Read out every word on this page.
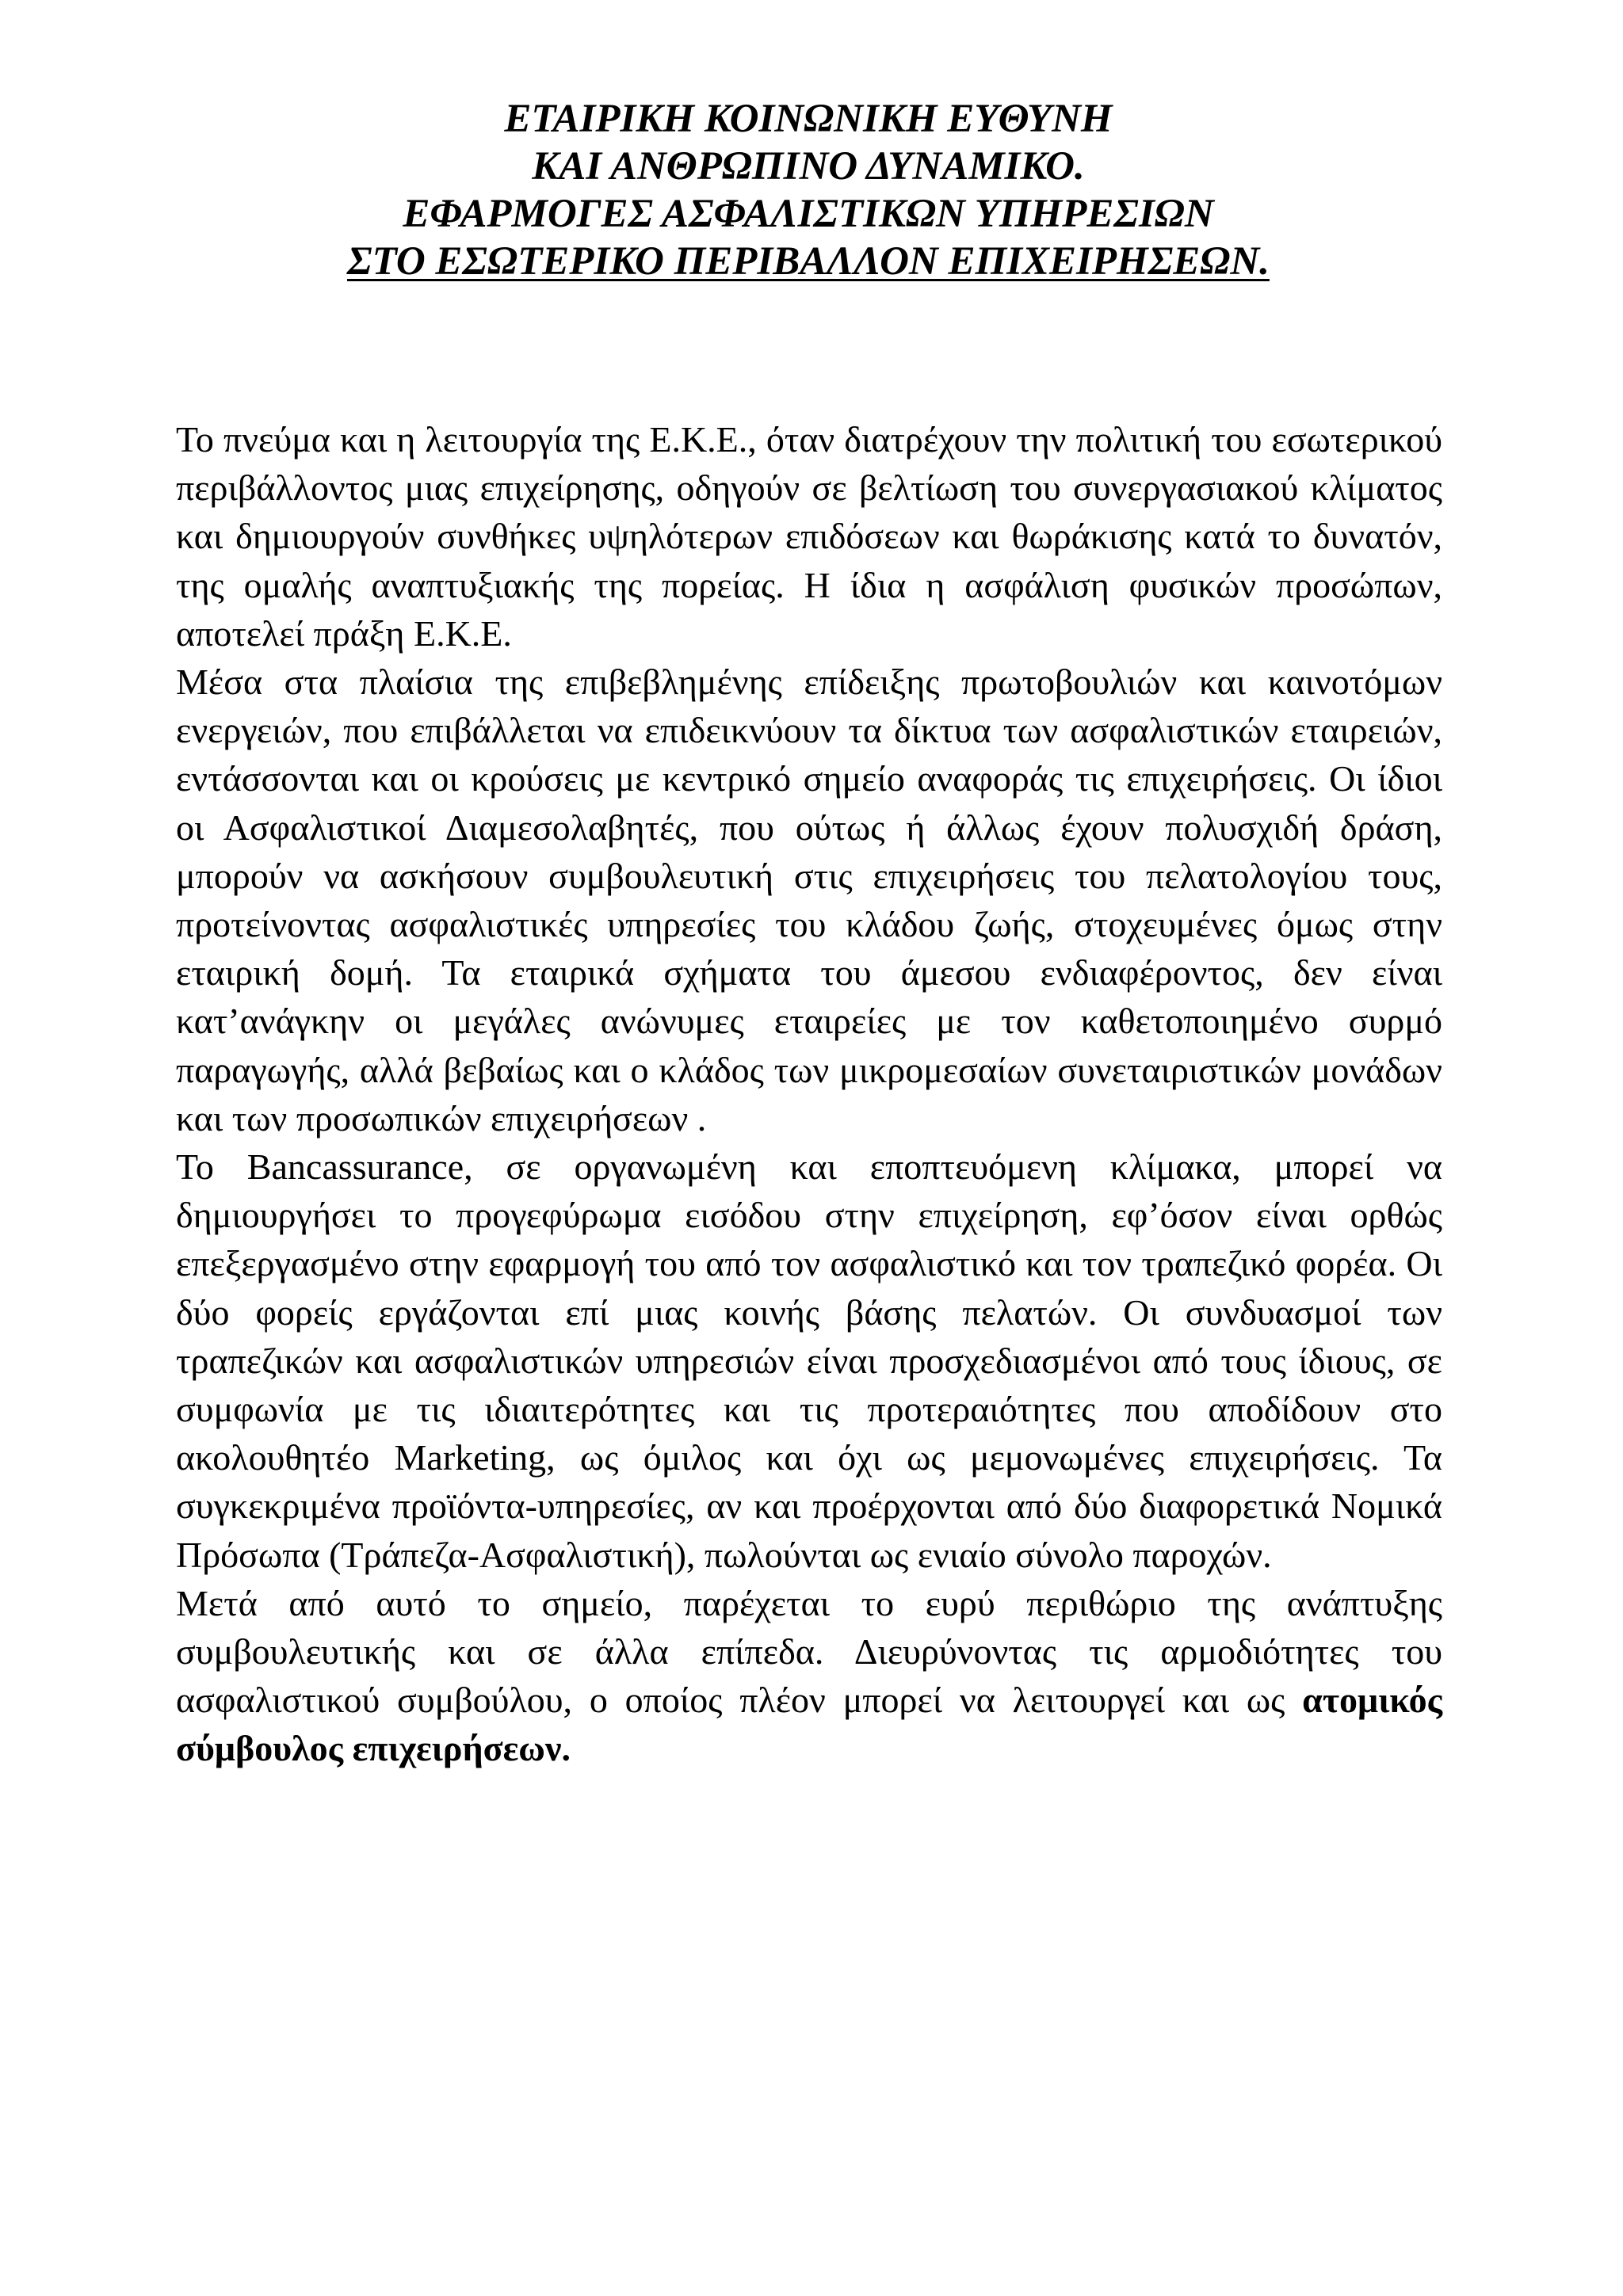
ΕΤΑΙΡΙΚΗ ΚΟΙΝΩΝΙΚΗ ΕΥΘΥΝΗ
ΚΑΙ ΑΝΘΡΩΠΙΝΟ ΔΥΝΑΜΙΚΟ.
ΕΦΑΡΜΟΓΕΣ ΑΣΦΑΛΙΣΤΙΚΩΝ ΥΠΗΡΕΣΙΩΝ
ΣΤΟ ΕΣΩΤΕΡΙΚΟ ΠΕΡΙΒΑΛΛΟΝ ΕΠΙΧΕΙΡΗΣΕΩΝ.

Το πνεύμα και η λειτουργία της Ε.Κ.Ε., όταν διατρέχουν την πολιτική του εσωτερικού περιβάλλοντος μιας επιχείρησης, οδηγούν σε βελτίωση του συνεργασιακού κλίματος και δημιουργούν συνθήκες υψηλότερων επιδόσεων και θωράκισης κατά το δυνατόν, της ομαλής αναπτυξιακής της πορείας. Η ίδια η ασφάλιση φυσικών προσώπων, αποτελεί πράξη Ε.Κ.Ε.

Μέσα στα πλαίσια της επιβεβλημένης επίδειξης πρωτοβουλιών και καινοτόμων ενεργειών, που επιβάλλεται να επιδεικνύουν τα δίκτυα των ασφαλιστικών εταιρειών, εντάσσονται και οι κρούσεις με κεντρικό σημείο αναφοράς τις επιχειρήσεις. Οι ίδιοι οι Ασφαλιστικοί Διαμεσολαβητές, που ούτως ή άλλως έχουν πολυσχιδή δράση, μπορούν να ασκήσουν συμβουλευτική στις επιχειρήσεις του πελατολογίου τους, προτείνοντας ασφαλιστικές υπηρεσίες του κλάδου ζωής, στοχευμένες όμως στην εταιρική δομή. Τα εταιρικά σχήματα του άμεσου ενδιαφέροντος, δεν είναι κατ’ανάγκην οι μεγάλες ανώνυμες εταιρείες με τον καθετοποιημένο συρμό παραγωγής, αλλά βεβαίως και ο κλάδος των μικρομεσαίων συνεταιριστικών μονάδων και των προσωπικών επιχειρήσεων .

Το Bancassurance, σε οργανωμένη και εποπτευόμενη κλίμακα, μπορεί να δημιουργήσει το προγεφύρωμα εισόδου στην επιχείρηση, εφ’όσον είναι ορθώς επεξεργασμένο στην εφαρμογή του από τον ασφαλιστικό και τον τραπεζικό φορέα. Οι δύο φορείς εργάζονται επί μιας κοινής βάσης πελατών. Οι συνδυασμοί των τραπεζικών και ασφαλιστικών υπηρεσιών είναι προσχεδιασμένοι από τους ίδιους, σε συμφωνία με τις ιδιαιτερότητες και τις προτεραιότητες που αποδίδουν στο ακολουθητέο Marketing, ως όμιλος και όχι ως μεμονωμένες επιχειρήσεις. Τα συγκεκριμένα προϊόντα-υπηρεσίες, αν και προέρχονται από δύο διαφορετικά Νομικά Πρόσωπα (Τράπεζα-Ασφαλιστική), πωλούνται ως ενιαίο σύνολο παροχών.

Μετά από αυτό το σημείο, παρέχεται το ευρύ περιθώριο της ανάπτυξης συμβουλευτικής και σε άλλα επίπεδα. Διευρύνοντας τις αρμοδιότητες του ασφαλιστικού συμβούλου, ο οποίος πλέον μπορεί να λειτουργεί και ως ατομικός σύμβουλος επιχειρήσεων.
